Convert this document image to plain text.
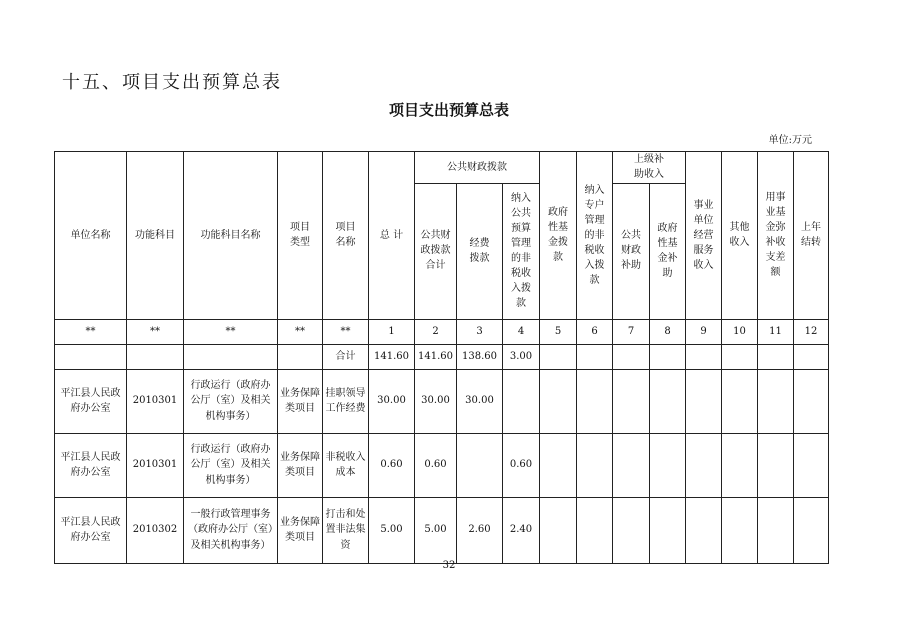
十五、项目支出预算总表
项目支出预算总表
单位:万元
单位名称	功能科目	功能科目名称	项目类型	项目名称	总 计	公共财政拨款			政府性基金拨款	纳入专户管理的非税收入拨款	上级补助收入		事业单位经营服务收入	其他收入	用事业基金弥补收支差额	上年结转
						公共财政拨款合计	经费拨款	纳入公共预算管理的非税收入拨款			公共财政补助	政府性基金补助				
**	**	**	**	**	1	2	3	4	5	6	7	8	9	10	11	12
				合计	141.60	141.60	138.60	3.00								
平江县人民政府办公室	2010301	行政运行（政府办公厅（室）及相关机构事务）	业务保障类项目	挂职领导工作经费	30.00	30.00	30.00									
平江县人民政府办公室	2010301	行政运行（政府办公厅（室）及相关机构事务）	业务保障类项目	非税收入成本	0.60	0.60		0.60								
平江县人民政府办公室	2010302	一般行政管理事务（政府办公厅（室）及相关机构事务）	业务保障类项目	打击和处置非法集资	5.00	5.00	2.60	2.40								
32
